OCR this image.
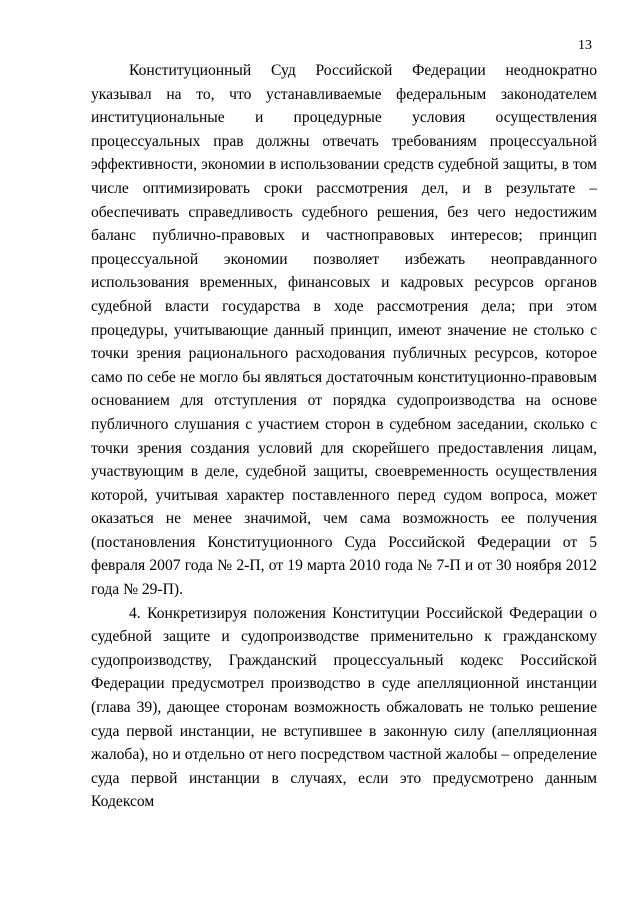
13

Конституционный Суд Российской Федерации неоднократно указывал на то, что устанавливаемые федеральным законодателем институциональные и процедурные условия осуществления процессуальных прав должны отвечать требованиям процессуальной эффективности, экономии в использовании средств судебной защиты, в том числе оптимизировать сроки рассмотрения дел, и в результате – обеспечивать справедливость судебного решения, без чего недостижим баланс публично-правовых и частноправовых интересов; принцип процессуальной экономии позволяет избежать неоправданного использования временных, финансовых и кадровых ресурсов органов судебной власти государства в ходе рассмотрения дела; при этом процедуры, учитывающие данный принцип, имеют значение не столько с точки зрения рационального расходования публичных ресурсов, которое само по себе не могло бы являться достаточным конституционно-правовым основанием для отступления от порядка судопроизводства на основе публичного слушания с участием сторон в судебном заседании, сколько с точки зрения создания условий для скорейшего предоставления лицам, участвующим в деле, судебной защиты, своевременность осуществления которой, учитывая характер поставленного перед судом вопроса, может оказаться не менее значимой, чем сама возможность ее получения (постановления Конституционного Суда Российской Федерации от 5 февраля 2007 года № 2-П, от 19 марта 2010 года № 7-П и от 30 ноября 2012 года № 29-П).

4. Конкретизируя положения Конституции Российской Федерации о судебной защите и судопроизводстве применительно к гражданскому судопроизводству, Гражданский процессуальный кодекс Российской Федерации предусмотрел производство в суде апелляционной инстанции (глава 39), дающее сторонам возможность обжаловать не только решение суда первой инстанции, не вступившее в законную силу (апелляционная жалоба), но и отдельно от него посредством частной жалобы – определение суда первой инстанции в случаях, если это предусмотрено данным Кодексом
